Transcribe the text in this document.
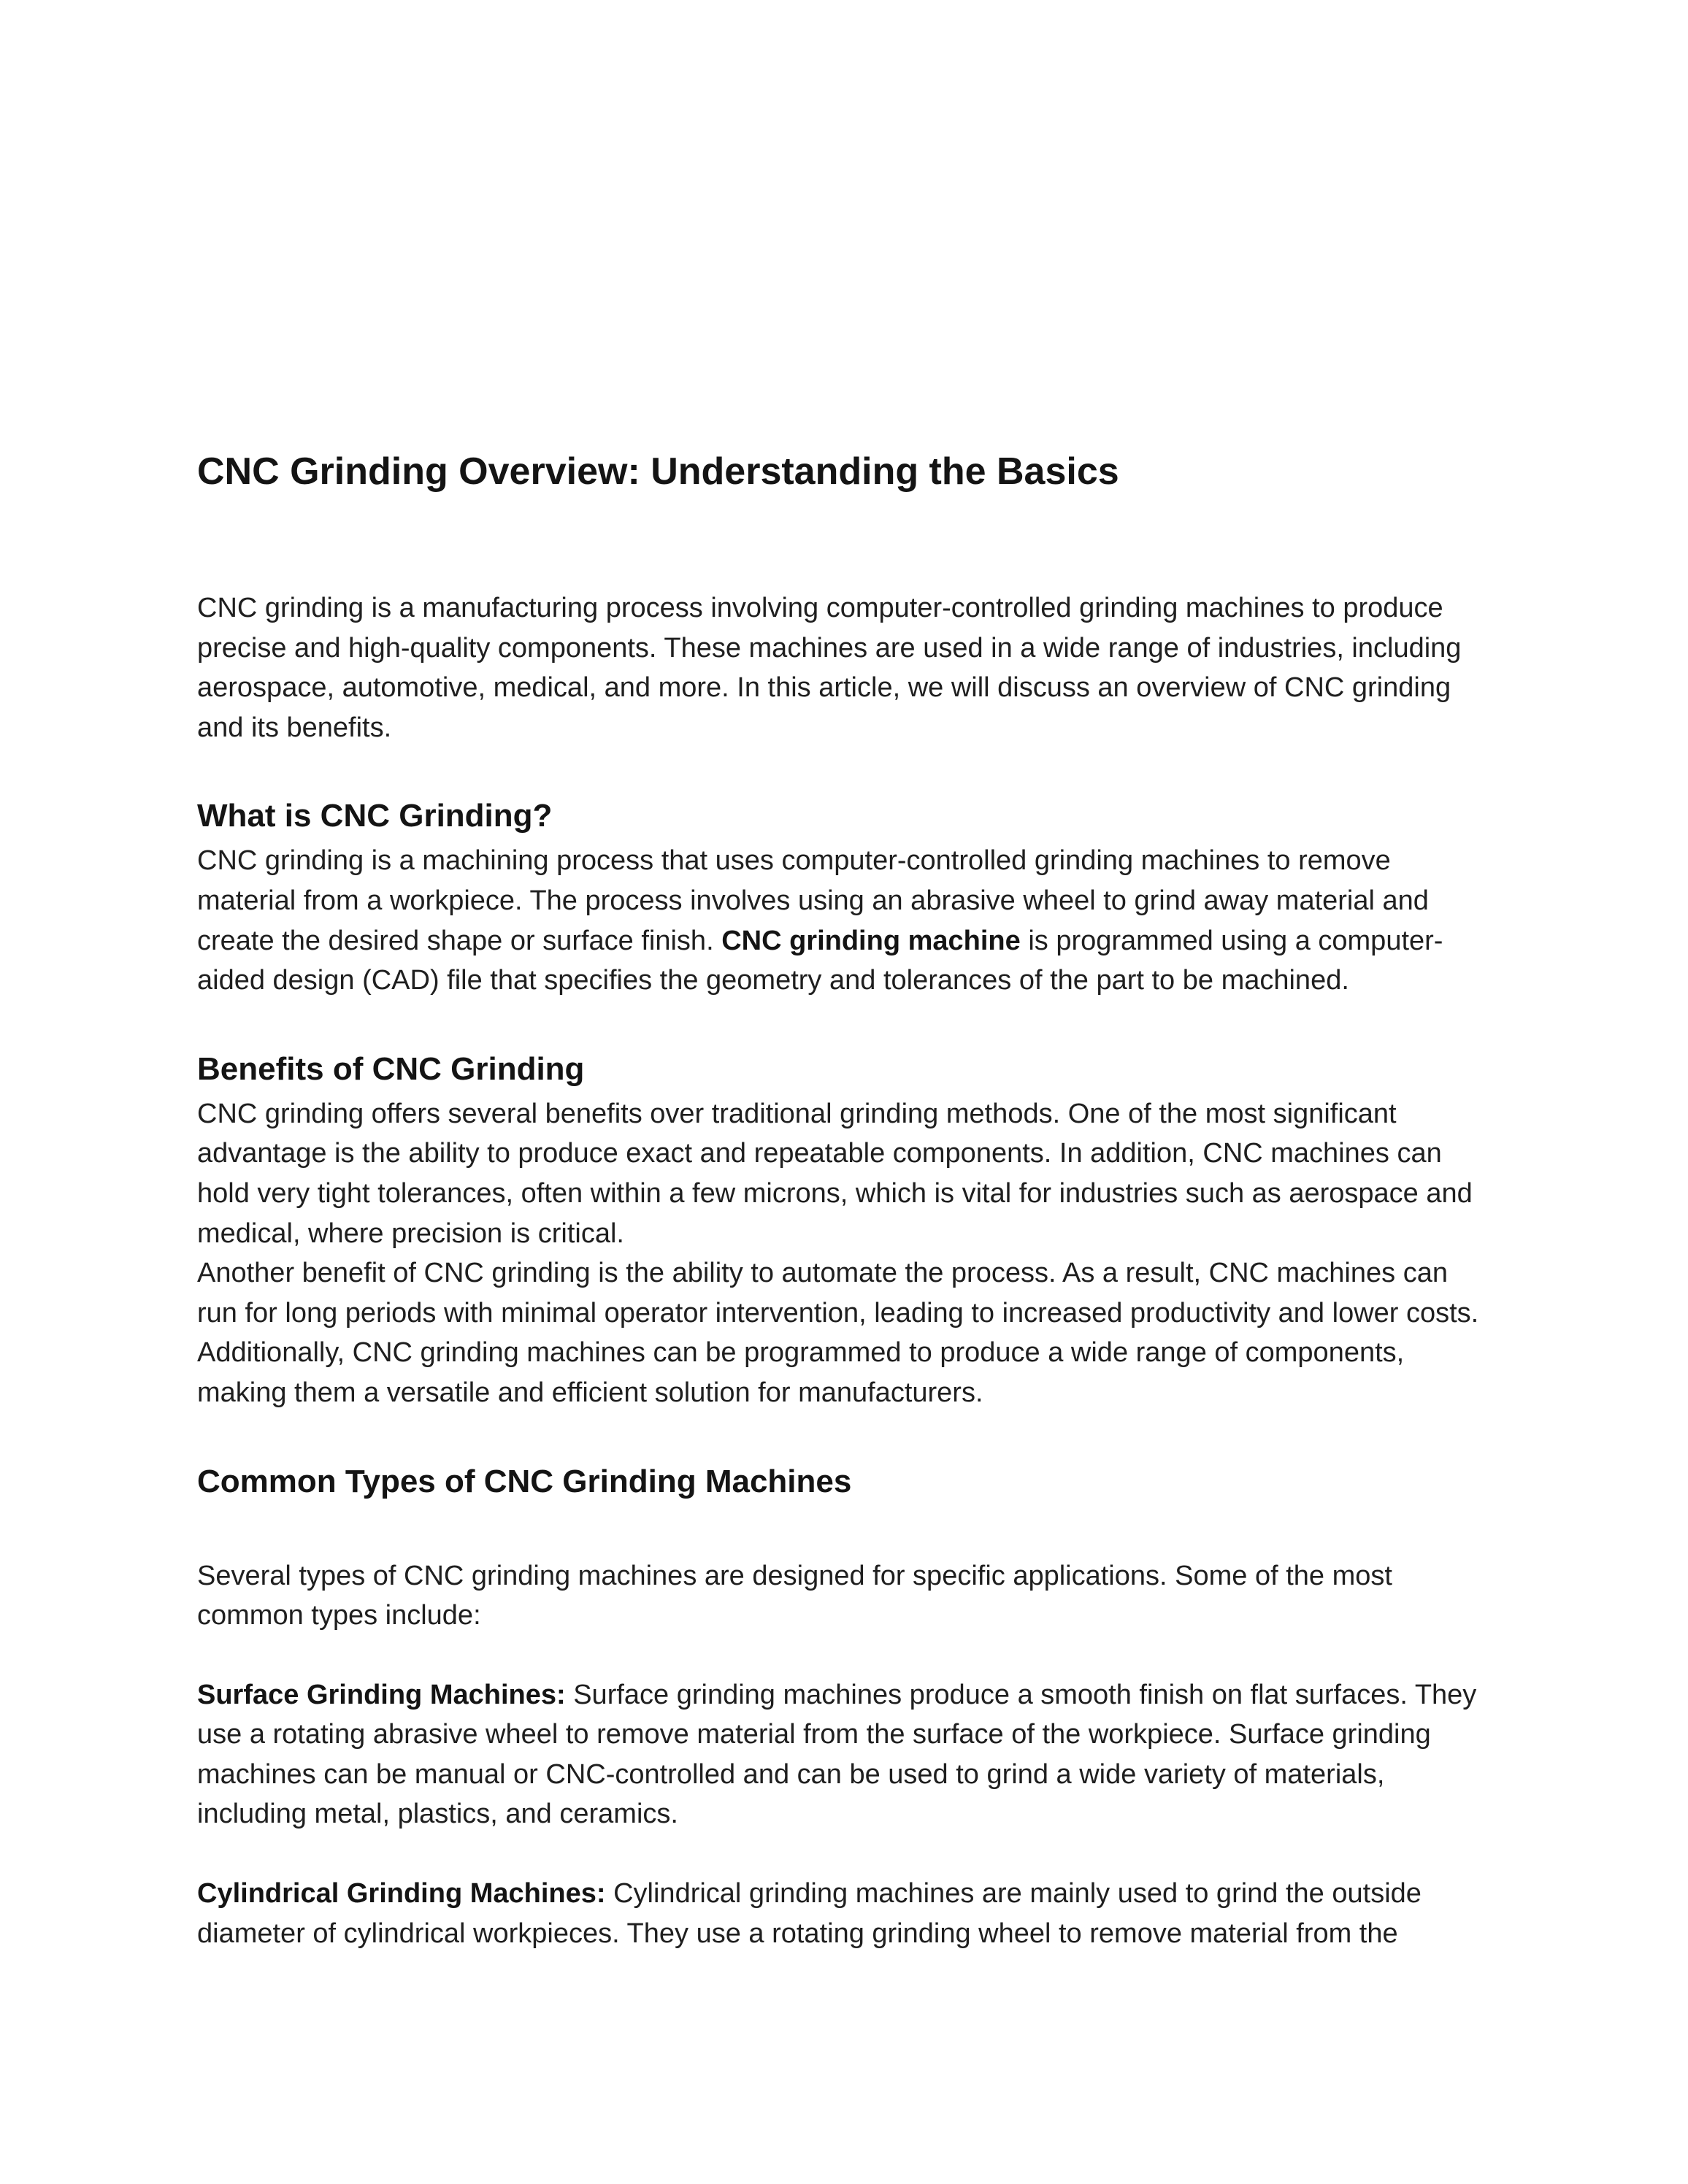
CNC Grinding Overview: Understanding the Basics

CNC grinding is a manufacturing process involving computer-controlled grinding machines to produce precise and high-quality components. These machines are used in a wide range of industries, including aerospace, automotive, medical, and more. In this article, we will discuss an overview of CNC grinding and its benefits.

What is CNC Grinding?

CNC grinding is a machining process that uses computer-controlled grinding machines to remove material from a workpiece. The process involves using an abrasive wheel to grind away material and create the desired shape or surface finish. CNC grinding machine is programmed using a computer-aided design (CAD) file that specifies the geometry and tolerances of the part to be machined.

Benefits of CNC Grinding

CNC grinding offers several benefits over traditional grinding methods. One of the most significant advantage is the ability to produce exact and repeatable components. In addition, CNC machines can hold very tight tolerances, often within a few microns, which is vital for industries such as aerospace and medical, where precision is critical.

Another benefit of CNC grinding is the ability to automate the process. As a result, CNC machines can run for long periods with minimal operator intervention, leading to increased productivity and lower costs. Additionally, CNC grinding machines can be programmed to produce a wide range of components, making them a versatile and efficient solution for manufacturers.

Common Types of CNC Grinding Machines

Several types of CNC grinding machines are designed for specific applications. Some of the most common types include:

Surface Grinding Machines: Surface grinding machines produce a smooth finish on flat surfaces. They use a rotating abrasive wheel to remove material from the surface of the workpiece. Surface grinding machines can be manual or CNC-controlled and can be used to grind a wide variety of materials, including metal, plastics, and ceramics.

Cylindrical Grinding Machines: Cylindrical grinding machines are mainly used to grind the outside diameter of cylindrical workpieces. They use a rotating grinding wheel to remove material from the
